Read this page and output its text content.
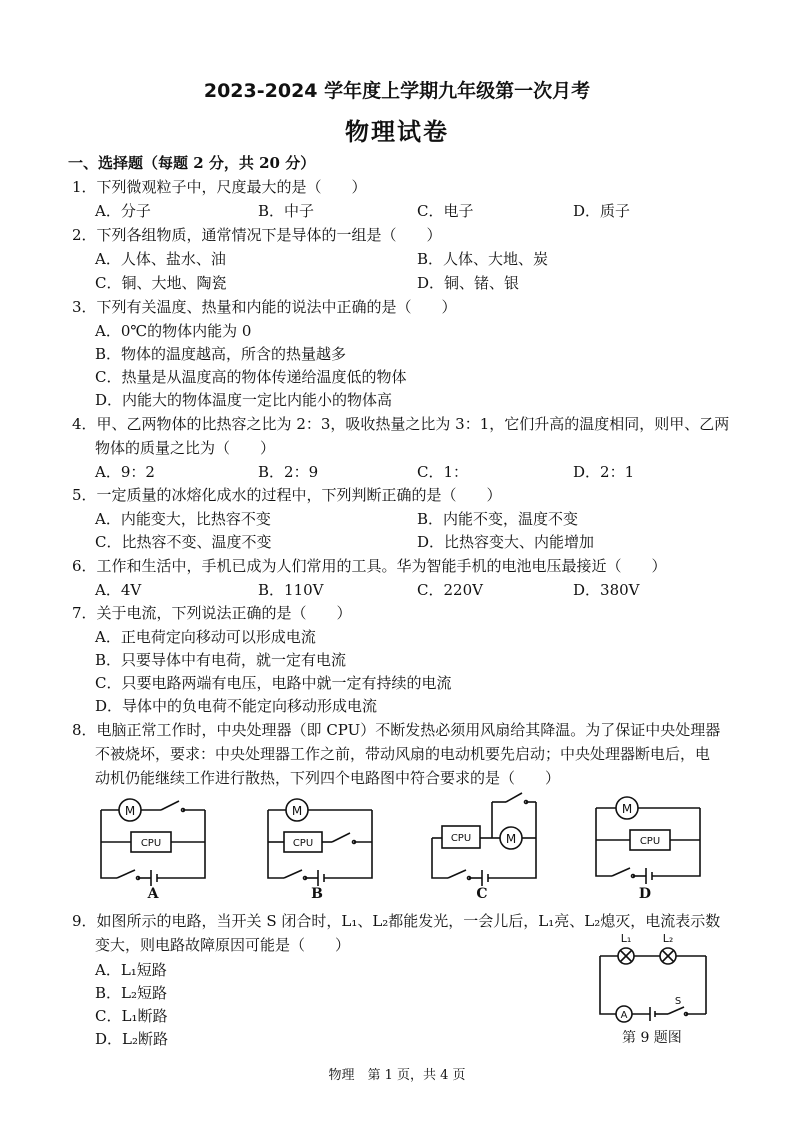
2023-2024 学年度上学期九年级第一次月考
物理试卷
一、选择题（每题 2 分，共 20 分）
1．下列微观粒子中，尺度最大的是（　　）
A．分子	B．中子	C．电子	D．质子
2．下列各组物质，通常情况下是导体的一组是（　　）
A．人体、盐水、油	B．人体、大地、炭
C．铜、大地、陶瓷	D．铜、锗、银
3．下列有关温度、热量和内能的说法中正确的是（　　）
A．0℃的物体内能为 0
B．物体的温度越高，所含的热量越多
C．热量是从温度高的物体传递给温度低的物体
D．内能大的物体温度一定比内能小的物体高
4．甲、乙两物体的比热容之比为 2：3，吸收热量之比为 3：1，它们升高的温度相同，则甲、乙两
物体的质量之比为（　　）
A．9：2	B．2：9	C．1：	D．2：1
5．一定质量的冰熔化成水的过程中，下列判断正确的是（　　）
A．内能变大，比热容不变	B．内能不变，温度不变
C．比热容不变、温度不变	D．比热容变大、内能增加
6．工作和生活中，手机已成为人们常用的工具。华为智能手机的电池电压最接近（　　）
A．4V	B．110V	C．220V	D．380V
7．关于电流，下列说法正确的是（　　）
A．正电荷定向移动可以形成电流
B．只要导体中有电荷，就一定有电流
C．只要电路两端有电压，电路中就一定有持续的电流
D．导体中的负电荷不能定向移动形成电流
8．电脑正常工作时，中央处理器（即 CPU）不断发热必须用风扇给其降温。为了保证中央处理器
不被烧坏，要求：中央处理器工作之前，带动风扇的电动机要先启动；中央处理器断电后，电
动机仍能继续工作进行散热，下列四个电路图中符合要求的是（　　）
M
CPU
A
M
CPU
B
CPU	M
C
M
CPU
D
9．如图所示的电路，当开关 S 闭合时，L₁、L₂都能发光，一会儿后，L₁亮、L₂熄灭，电流表示数
变大，则电路故障原因可能是（　　）
A．L₁短路
B．L₂短路
C．L₁断路
D．L₂断路
L₁	L₂
A
S
第 9 题图
物理　第 1 页，共 4 页
